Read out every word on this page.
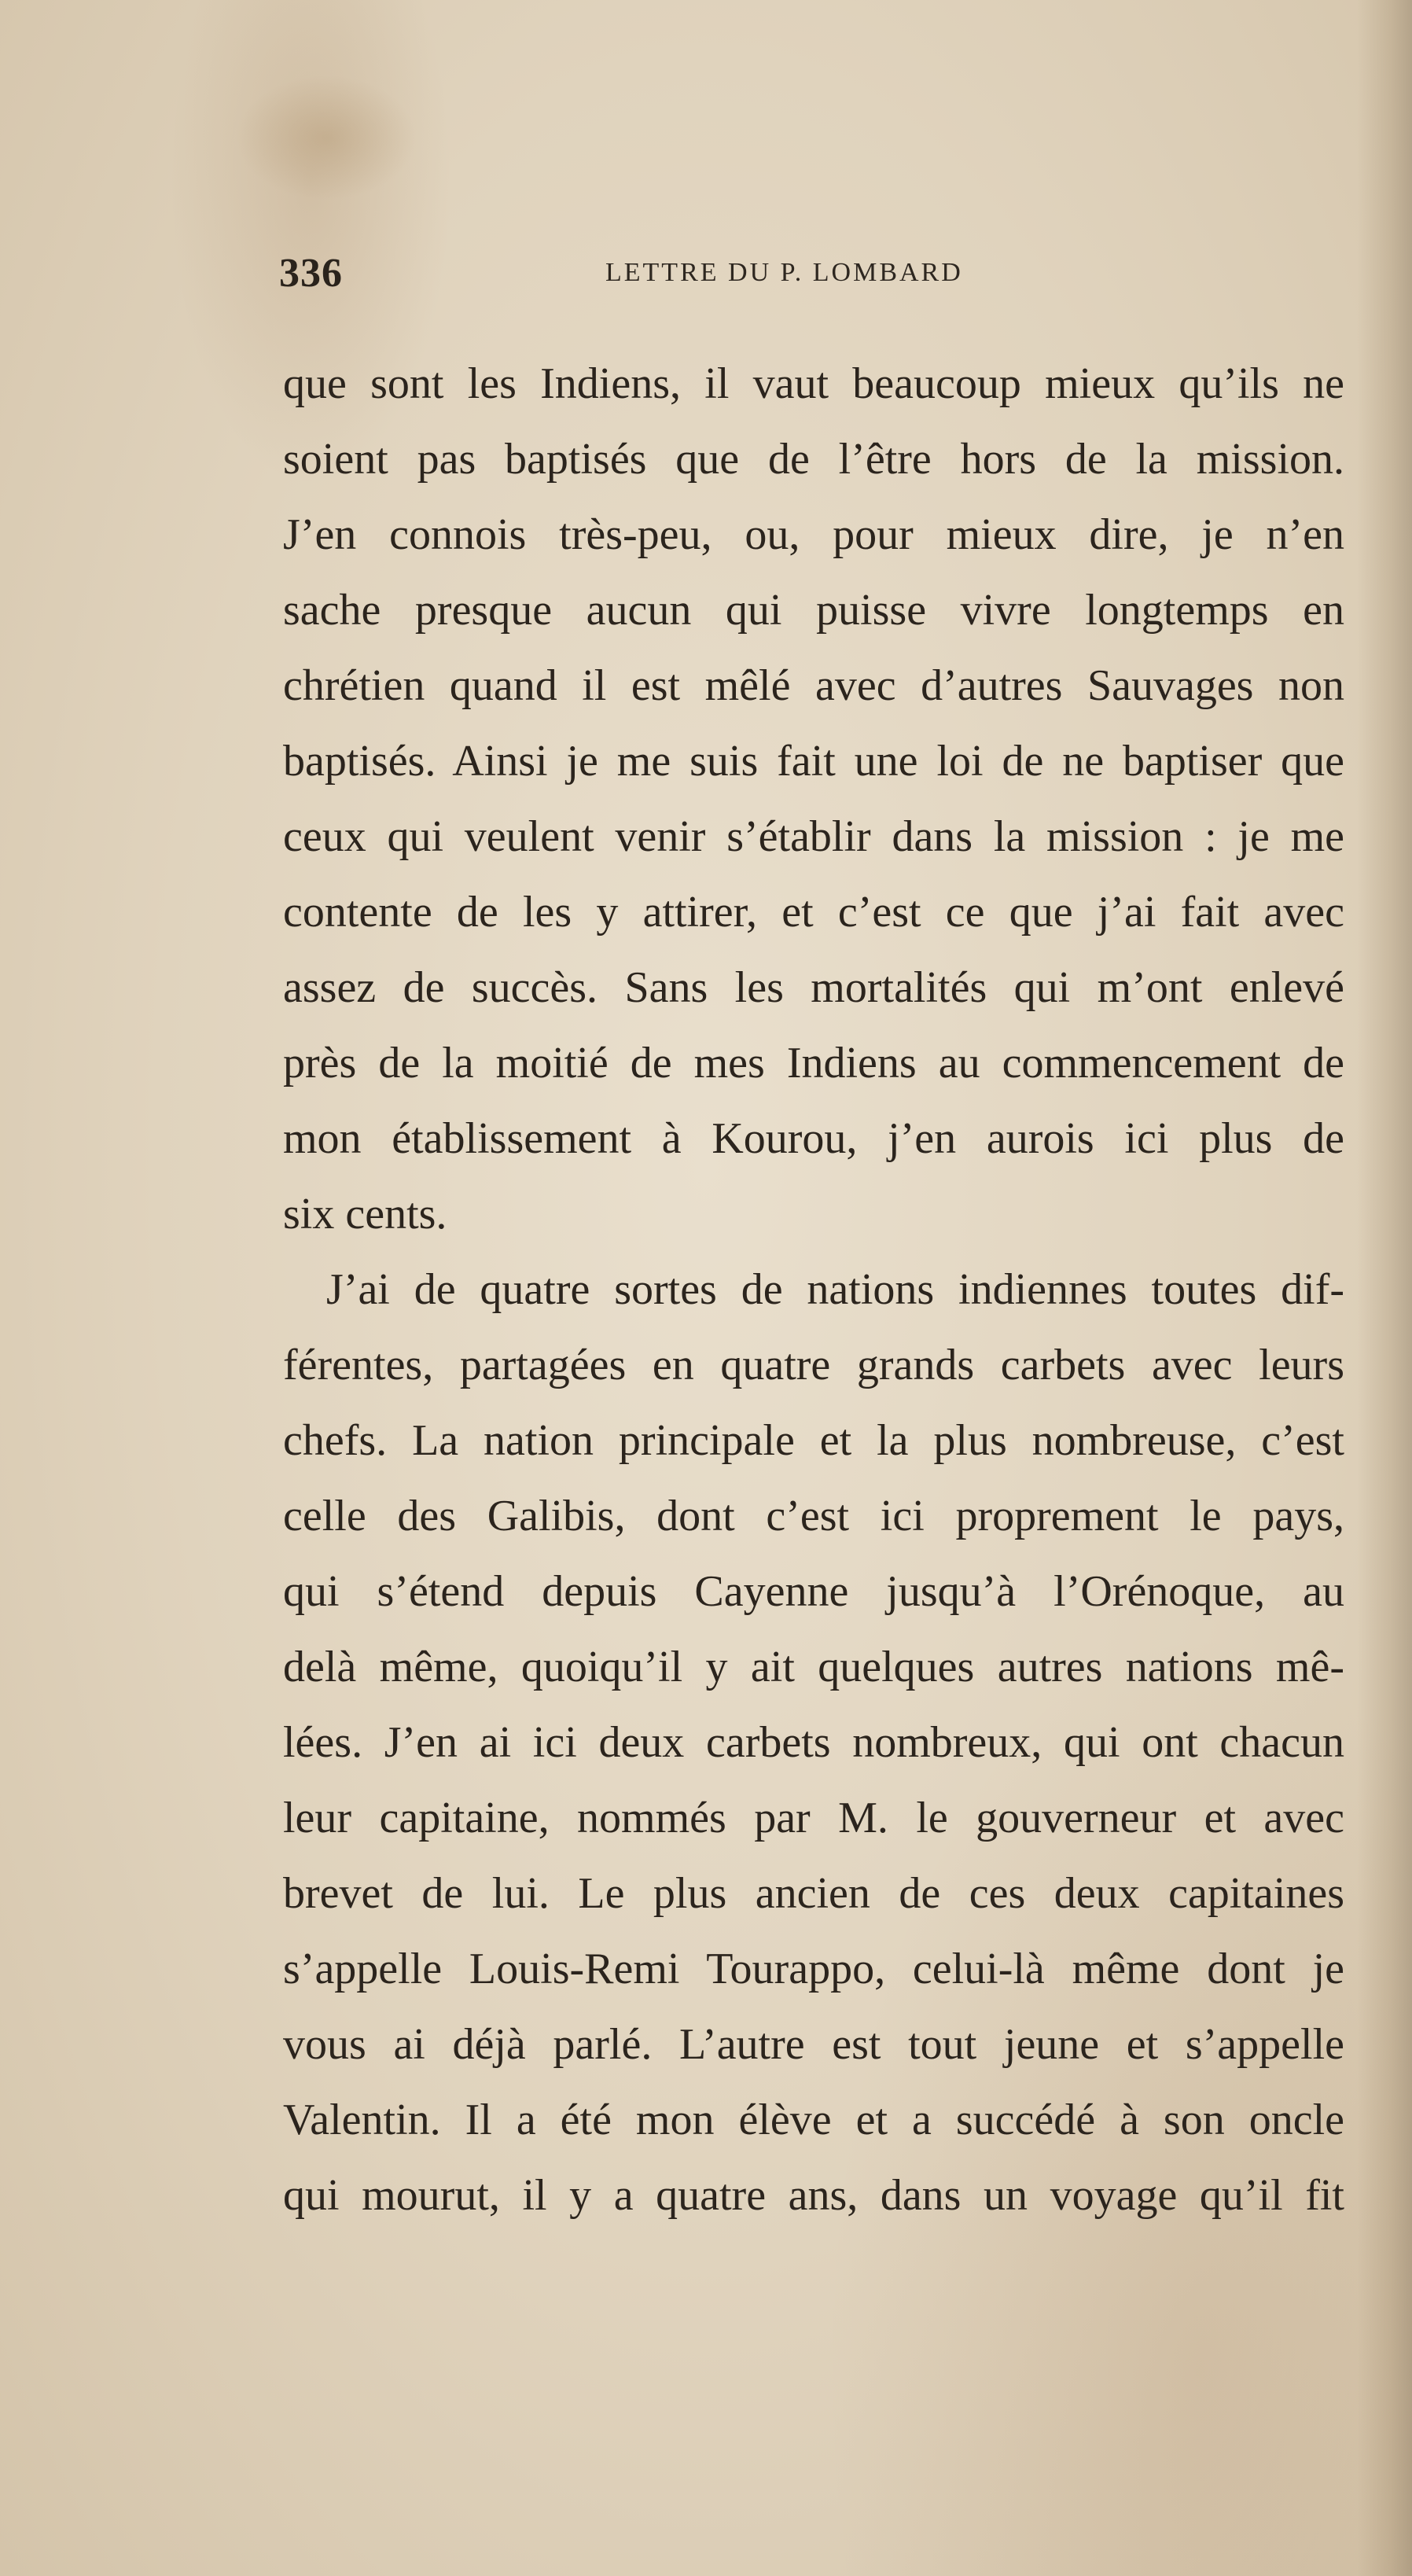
336	LETTRE DU P. LOMBARD
que sont les Indiens, il vaut beaucoup mieux qu’ils ne
soient pas baptisés que de l’être hors de la mission.
J’en connois très-peu, ou, pour mieux dire, je n’en
sache presque aucun qui puisse vivre longtemps en
chrétien quand il est mêlé avec d’autres Sauvages non
baptisés. Ainsi je me suis fait une loi de ne baptiser que
ceux qui veulent venir s’établir dans la mission : je me
contente de les y attirer, et c’est ce que j’ai fait avec
assez de succès. Sans les mortalités qui m’ont enlevé
près de la moitié de mes Indiens au commencement de
mon établissement à Kourou, j’en aurois ici plus de
six cents.
J’ai de quatre sortes de nations indiennes toutes dif-
férentes, partagées en quatre grands carbets avec leurs
chefs. La nation principale et la plus nombreuse, c’est
celle des Galibis, dont c’est ici proprement le pays,
qui s’étend depuis Cayenne jusqu’à l’Orénoque, au
delà même, quoiqu’il y ait quelques autres nations mê-
lées. J’en ai ici deux carbets nombreux, qui ont chacun
leur capitaine, nommés par M. le gouverneur et avec
brevet de lui. Le plus ancien de ces deux capitaines
s’appelle Louis-Remi Tourappo, celui-là même dont je
vous ai déjà parlé. L’autre est tout jeune et s’appelle
Valentin. Il a été mon élève et a succédé à son oncle
qui mourut, il y a quatre ans, dans un voyage qu’il fit
